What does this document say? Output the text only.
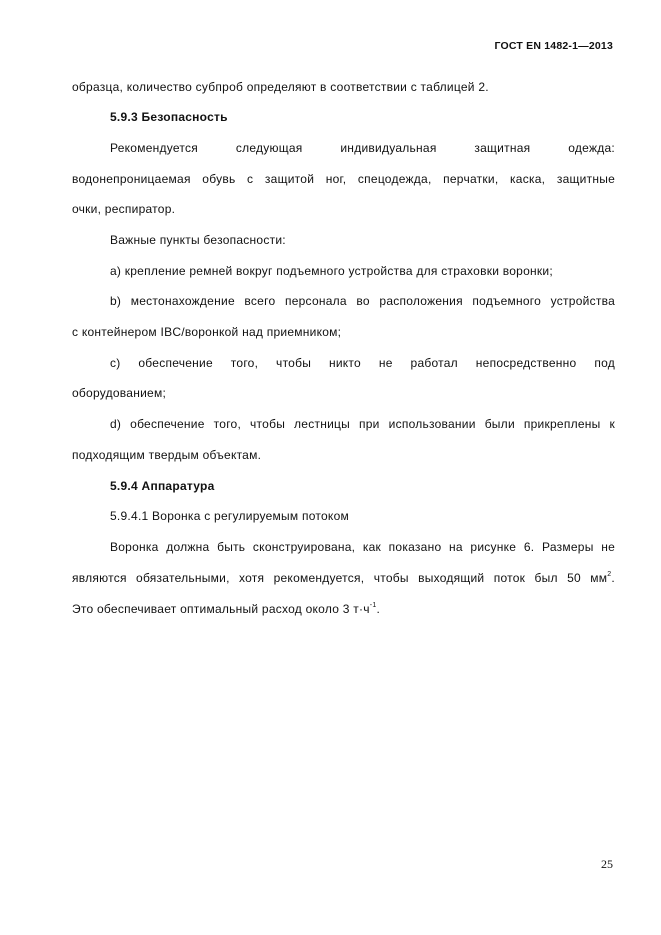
ГОСТ EN 1482-1—2013
образца, количество субпроб определяют в соответствии с таблицей 2.
5.9.3 Безопасность
Рекомендуется следующая индивидуальная защитная одежда:
водонепроницаемая обувь с защитой ног, спецодежда, перчатки, каска, защитные
очки, респиратор.
Важные пункты безопасности:
a) крепление ремней вокруг подъемного устройства для страховки воронки;
b) местонахождение всего персонала во расположения подъемного устройства
с контейнером IBC/воронкой над приемником;
c) обеспечение того, чтобы никто не работал непосредственно под
оборудованием;
d) обеспечение того, чтобы лестницы при использовании были прикреплены к
подходящим твердым объектам.
5.9.4 Аппаратура
5.9.4.1 Воронка с регулируемым потоком
Воронка должна быть сконструирована, как показано на рисунке 6. Размеры не
являются обязательными, хотя рекомендуется, чтобы выходящий поток был 50 $мм^2$.
Это обеспечивает оптимальный расход около 3 $т\cdot ч^{-1}$.
25
